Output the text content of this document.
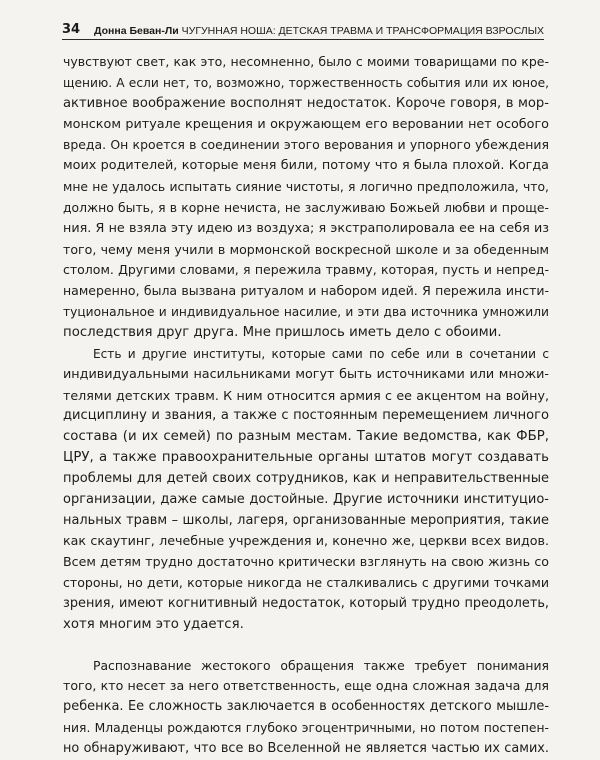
34 Донна Беван-Ли ЧУГУННАЯ НОША: ДЕТСКАЯ ТРАВМА И ТРАНСФОРМАЦИЯ ВЗРОСЛЫХ
чувствуют свет, как это, несомненно, было с моими товарищами по кре-
щению. А если нет, то, возможно, торжественность события или их юное,
активное воображение восполнят недостаток. Короче говоря, в мор-
монском ритуале крещения и окружающем его веровании нет особого
вреда. Он кроется в соединении этого верования и упорного убеждения
моих родителей, которые меня били, потому что я была плохой. Когда
мне не удалось испытать сияние чистоты, я логично предположила, что,
должно быть, я в корне нечиста, не заслуживаю Божьей любви и проще-
ния. Я не взяла эту идею из воздуха; я экстраполировала ее на себя из
того, чему меня учили в мормонской воскресной школе и за обеденным
столом. Другими словами, я пережила травму, которая, пусть и непред-
намеренно, была вызвана ритуалом и набором идей. Я пережила инсти-
туциональное и индивидуальное насилие, и эти два источника умножили
последствия друг друга. Мне пришлось иметь дело с обоими.
Есть и другие институты, которые сами по себе или в сочетании с
индивидуальными насильниками могут быть источниками или множи-
телями детских травм. К ним относится армия с ее акцентом на войну,
дисциплину и звания, а также с постоянным перемещением личного
состава (и их семей) по разным местам. Такие ведомства, как ФБР,
ЦРУ, а также правоохранительные органы штатов могут создавать
проблемы для детей своих сотрудников, как и неправительственные
организации, даже самые достойные. Другие источники институцио-
нальных травм – школы, лагеря, организованные мероприятия, такие
как скаутинг, лечебные учреждения и, конечно же, церкви всех видов.
Всем детям трудно достаточно критически взглянуть на свою жизнь со
стороны, но дети, которые никогда не сталкивались с другими точками
зрения, имеют когнитивный недостаток, который трудно преодолеть,
хотя многим это удается.
Распознавание жестокого обращения также требует понимания
того, кто несет за него ответственность, еще одна сложная задача для
ребенка. Ее сложность заключается в особенностях детского мышле-
ния. Младенцы рождаются глубоко эгоцентричными, но потом постепен-
но обнаруживают, что все во Вселенной не является частью их самих.
